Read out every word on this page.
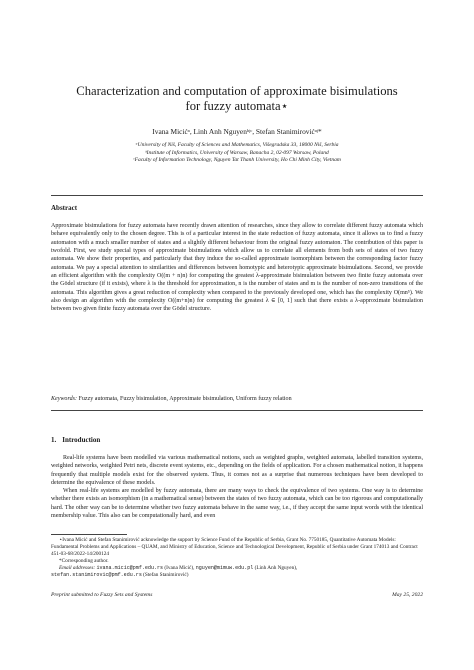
Characterization and computation of approximate bisimulations
for fuzzy automata⋆
Ivana Micićᵃ, Linh Anh Nguyenᵇʲᶜ, Stefan Stanimirovićᵃʲ*
ᵃUniversity of Niš, Faculty of Sciences and Mathematics, Višegradska 33, 18000 Niš, Serbia
ᵇInstitute of Informatics, University of Warsaw, Banacha 2, 02-097 Warsaw, Poland
ᶜFaculty of Information Technology, Nguyen Tat Thanh University, Ho Chi Minh City, Vietnam
Abstract
Approximate bisimulations for fuzzy automata have recently drawn attention of researches, since they allow to correlate different fuzzy automata which behave equivalently only to the chosen degree. This is of a particular interest in the state reduction of fuzzy automata, since it allows us to find a fuzzy automaton with a much smaller number of states and a slightly different behaviour from the original fuzzy automaton. The contribution of this paper is twofold. First, we study special types of approximate bisimulations which allow us to correlate all elements from both sets of states of two fuzzy automata. We show their properties, and particularly that they induce the so-called approximate isomorphism between the corresponding factor fuzzy automata. We pay a special attention to similarities and differences between homotypic and heterotypic approximate bisimulations. Second, we provide an efficient algorithm with the complexity O((m + n)n) for computing the greatest λ-approximate bisimulation between two finite fuzzy automata over the Gödel structure (if it exists), where λ is the threshold for approximation, n is the number of states and m is the number of non-zero transitions of the automata. This algorithm gives a great reduction of complexity when compared to the previously developed one, which has the complexity O(mn⁵). We also design an algorithm with the complexity O((m+n)n) for computing the greatest λ ∈ [0, 1] such that there exists a λ-approximate bisimulation between two given finite fuzzy automata over the Gödel structure.
Keywords: Fuzzy automata, Fuzzy bisimulation, Approximate bisimulation, Uniform fuzzy relation
1. Introduction

Real-life systems have been modelled via various mathematical notions, such as weighted graphs, weighted automata, labelled transition systems, weighted networks, weighted Petri nets, discrete event systems, etc., depending on the fields of application. For a chosen mathematical notion, it happens frequently that multiple models exist for the observed system. Thus, it comes not as a surprise that numerous techniques have been developed to determine the equivalence of these models.

When real-life systems are modelled by fuzzy automata, there are many ways to check the equivalence of two systems. One way is to determine whether there exists an isomorphism (in a mathematical sense) between the states of two fuzzy automata, which can be too rigorous and computationally hard. The other way can be to determine whether two fuzzy automata behave in the same way, i.e., if they accept the same input words with the identical membership value. This also can be computationally hard, and even

⋆Ivana Micić and Stefan Stanimirović acknowledge the support by Science Fund of the Republic of Serbia, Grant No. 7750185, Quantitative Automata Models: Fundamental Problems and Applications – QUAM, and Ministry of Education, Science and Technological Development, Republic of Serbia under Grant 174013 and Contract 451-03-68/2022-14/200124

*Corresponding author.

Email addresses: ivana.micic@pmf.edu.rs (Ivana Micić), nguyen@mimuw.edu.pl (Linh Anh Nguyen),

stefan.stanimirovic@pmf.edu.rs (Stefan Stanimirović)

Preprint submitted to Fuzzy Sets and Systems	May 25, 2022
